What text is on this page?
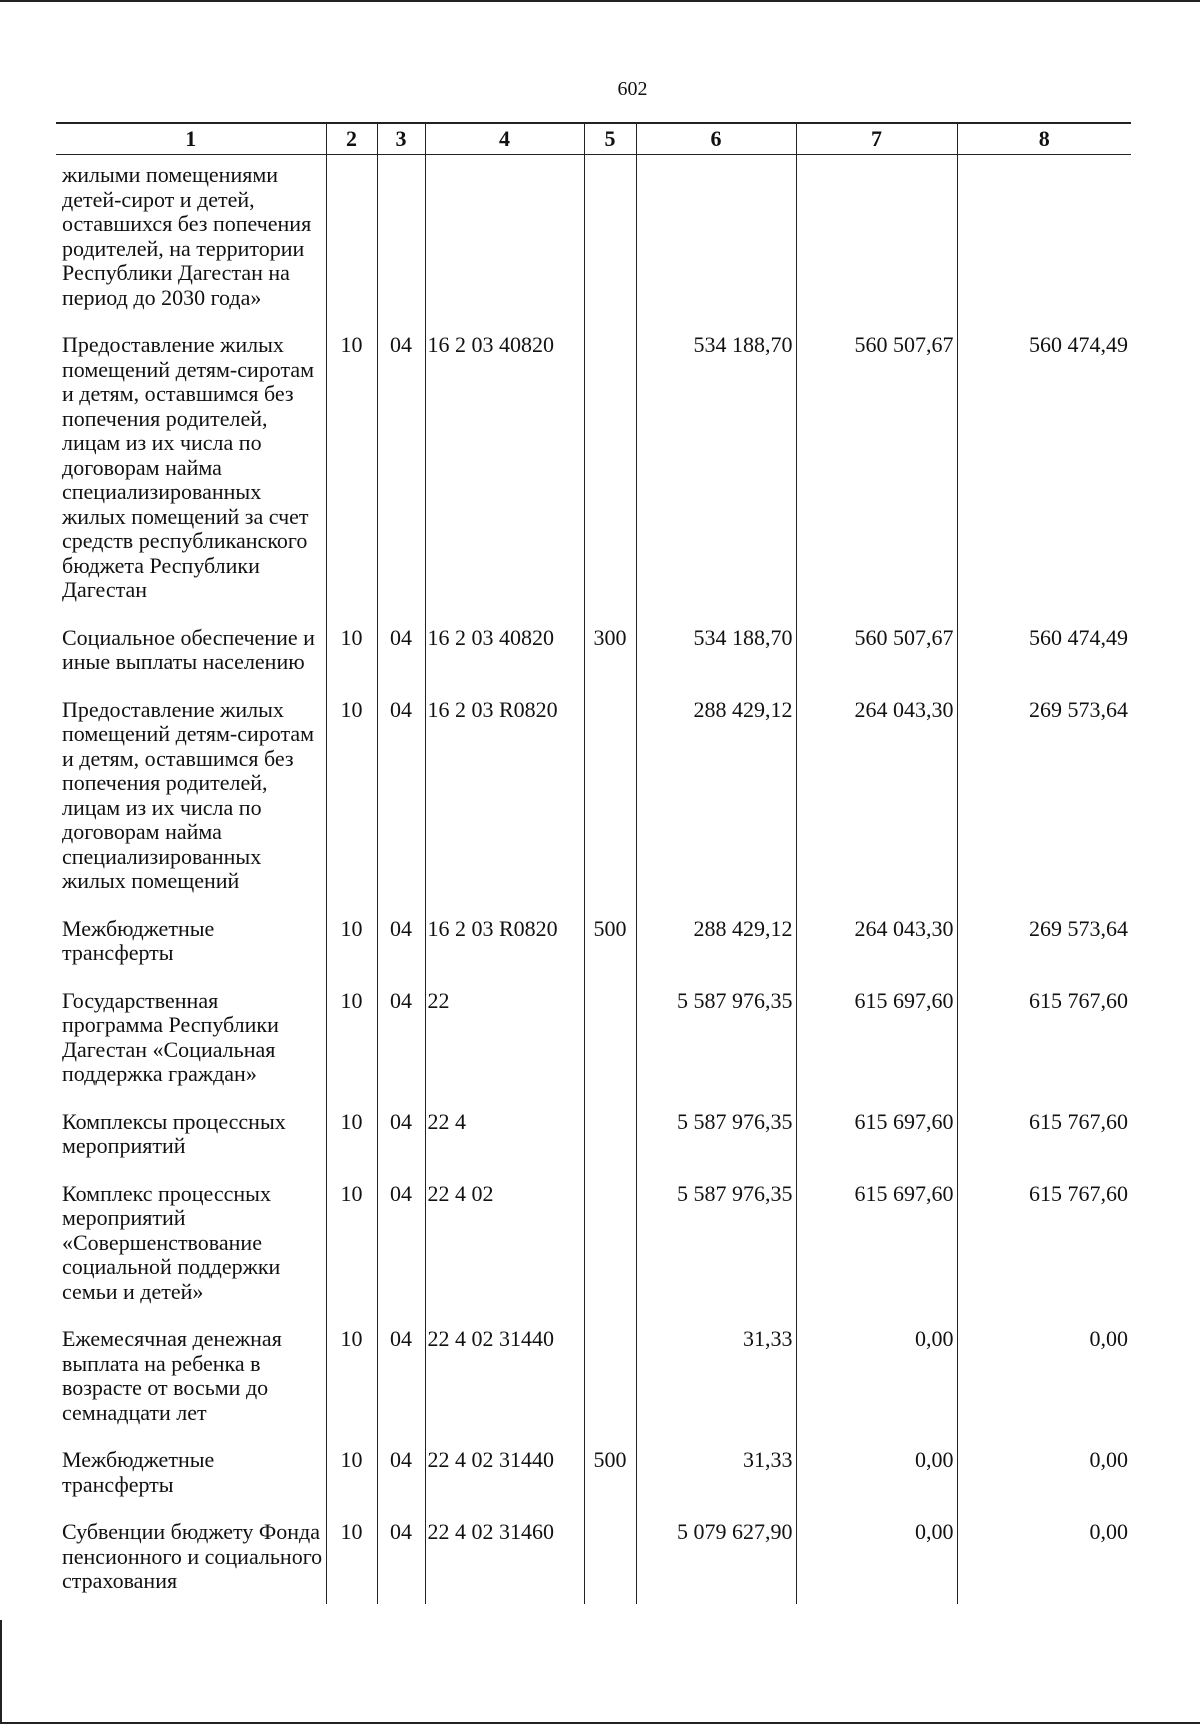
602
1	2	3	4	5	6	7	8
жилыми помещениями детей-сирот и детей, оставшихся без попечения родителей, на территории Республики Дагестан на период до 2030 года»							
Предоставление жилых помещений детям-сиротам и детям, оставшимся без попечения родителей, лицам из их числа по договорам найма специализированных жилых помещений за счет средств республиканского бюджета Республики Дагестан	10	04	16 2 03 40820		534 188,70	560 507,67	560 474,49
Социальное обеспечение и иные выплаты населению	10	04	16 2 03 40820	300	534 188,70	560 507,67	560 474,49
Предоставление жилых помещений детям-сиротам и детям, оставшимся без попечения родителей, лицам из их числа по договорам найма специализированных жилых помещений	10	04	16 2 03 R0820		288 429,12	264 043,30	269 573,64
Межбюджетные трансферты	10	04	16 2 03 R0820	500	288 429,12	264 043,30	269 573,64
Государственная программа Республики Дагестан «Социальная поддержка граждан»	10	04	22		5 587 976,35	615 697,60	615 767,60
Комплексы процессных мероприятий	10	04	22 4		5 587 976,35	615 697,60	615 767,60
Комплекс процессных мероприятий «Совершенствование социальной поддержки семьи и детей»	10	04	22 4 02		5 587 976,35	615 697,60	615 767,60
Ежемесячная денежная выплата на ребенка в возрасте от восьми до семнадцати лет	10	04	22 4 02 31440		31,33	0,00	0,00
Межбюджетные трансферты	10	04	22 4 02 31440	500	31,33	0,00	0,00
Субвенции бюджету Фонда пенсионного и социального страхования	10	04	22 4 02 31460		5 079 627,90	0,00	0,00
